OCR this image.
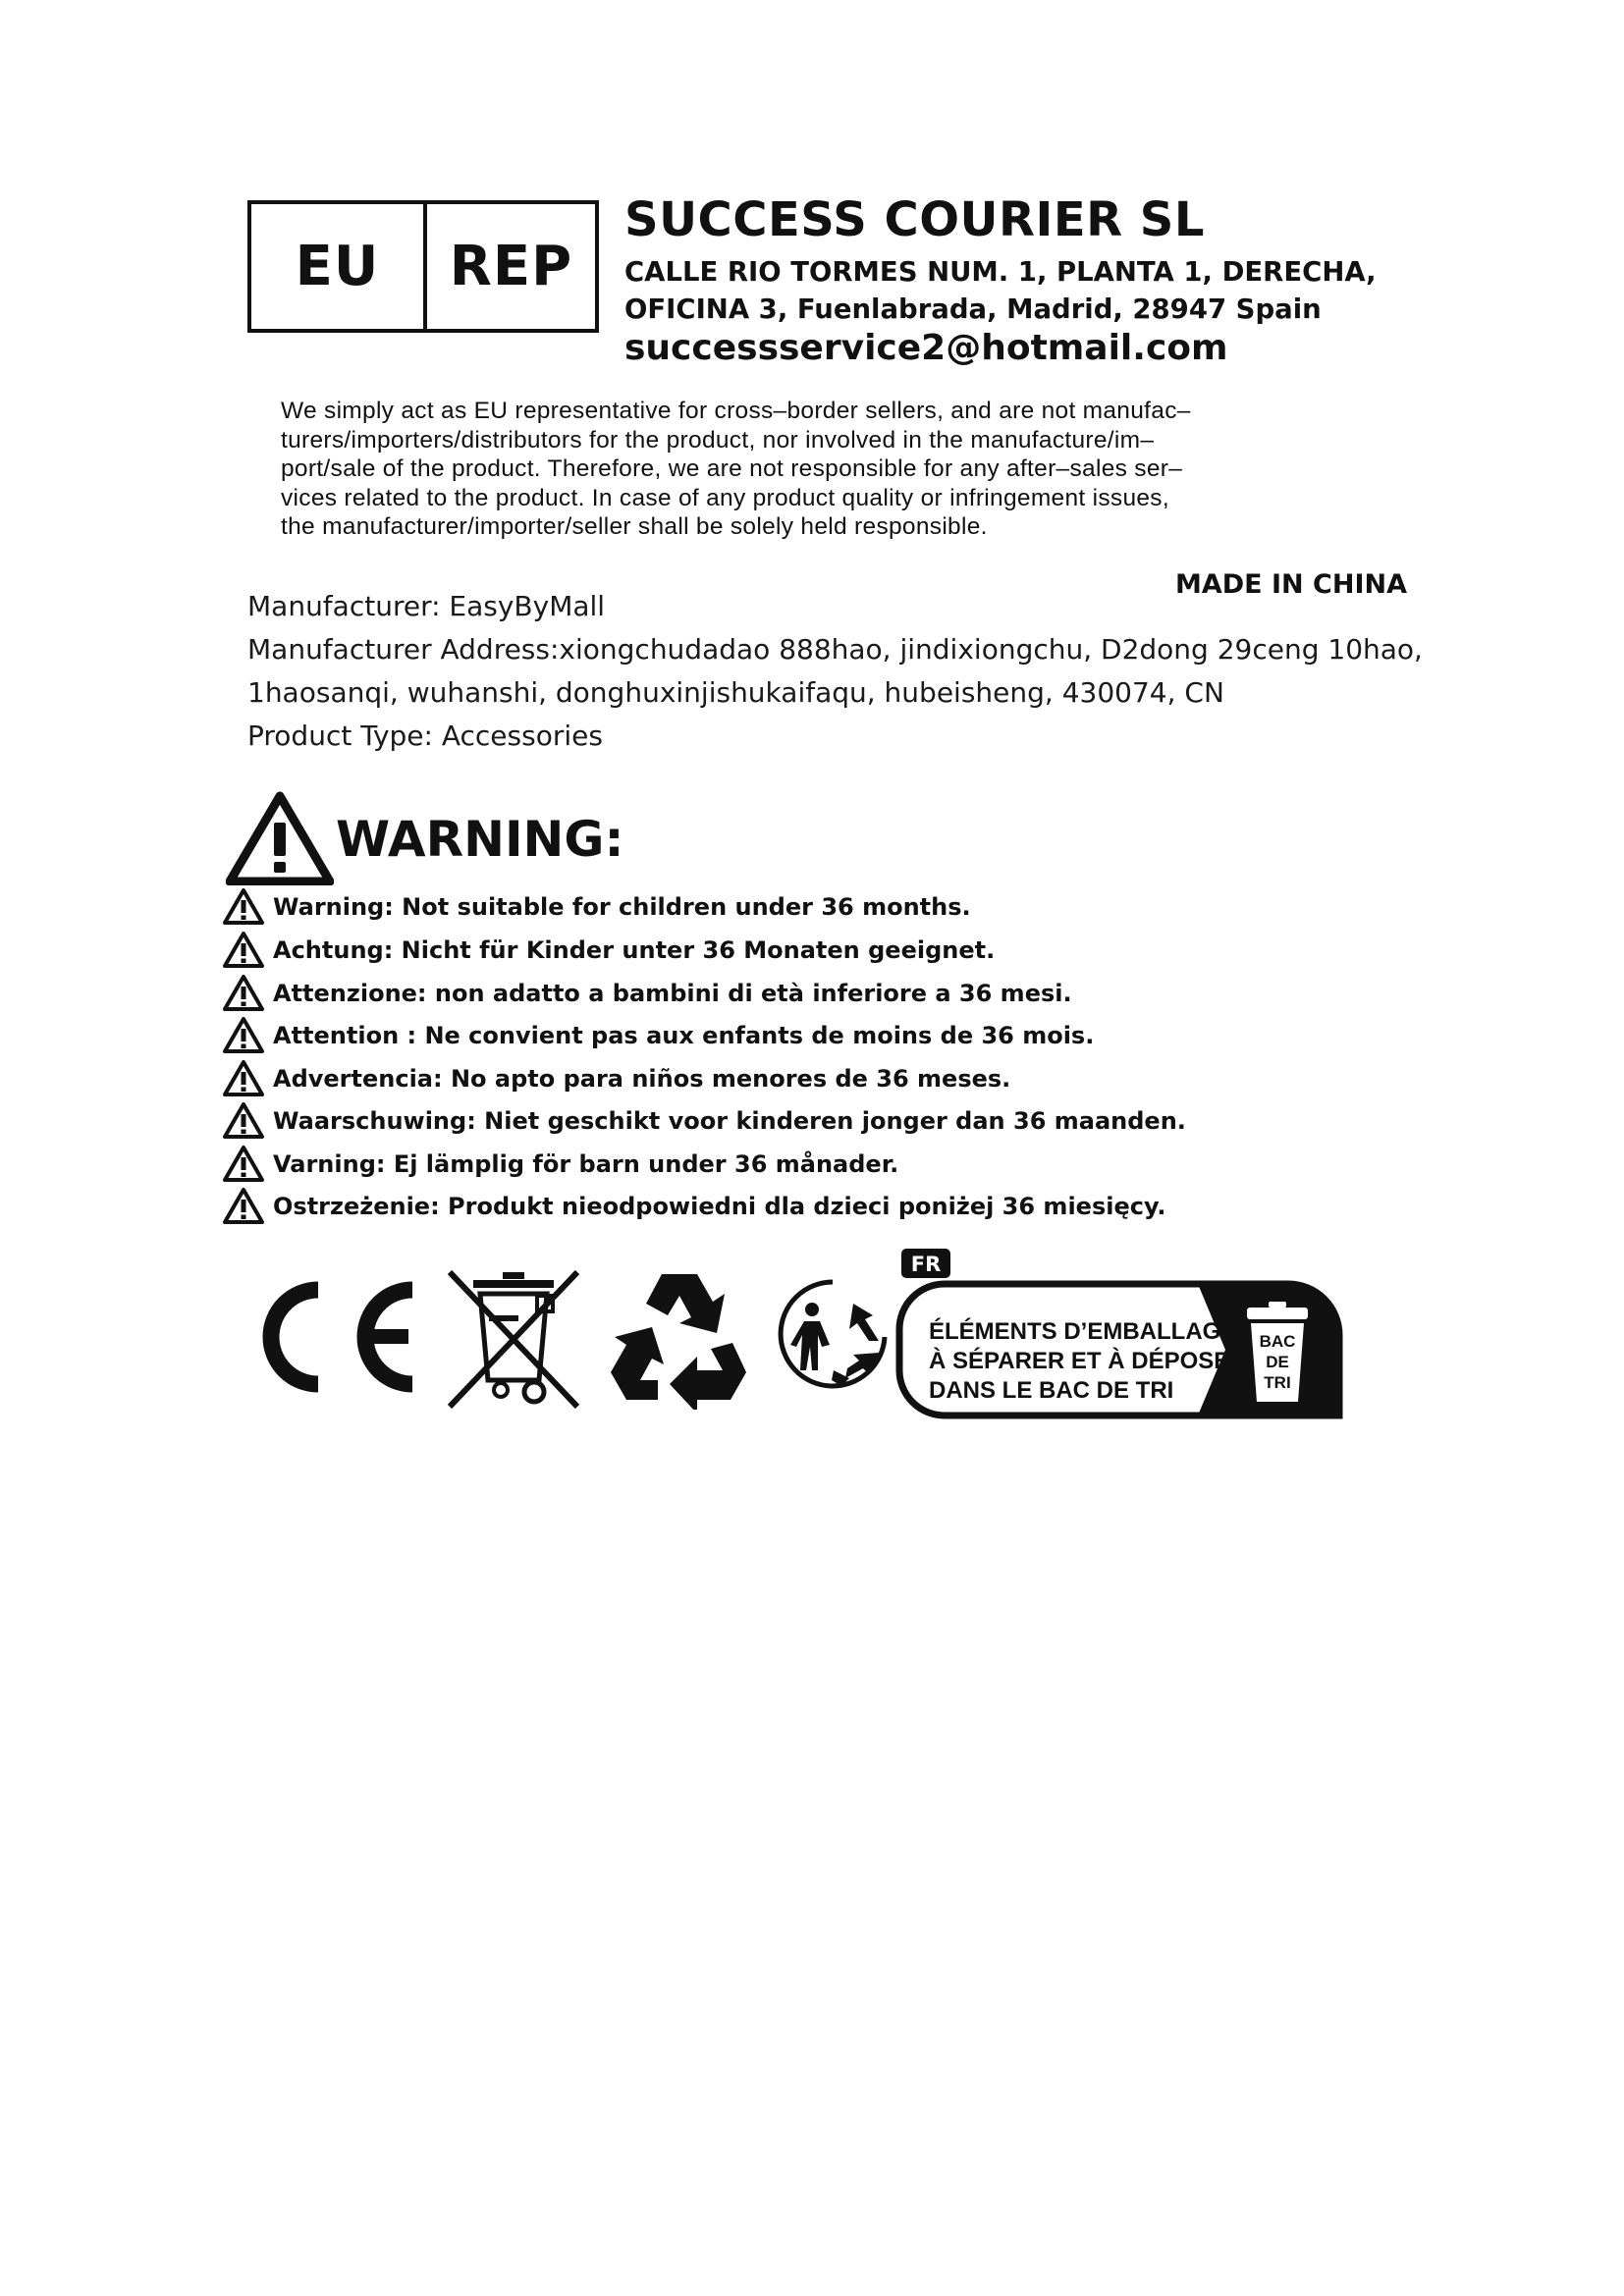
EU	REP
SUCCESS COURIER SL
CALLE RIO TORMES NUM. 1, PLANTA 1, DERECHA,
OFICINA 3, Fuenlabrada, Madrid, 28947 Spain
successservice2@hotmail.com
We simply act as EU representative for cross–border sellers, and are not manufac–
turers/importers/distributors for the product, nor involved in the manufacture/im–
port/sale of the product. Therefore, we are not responsible for any after–sales ser–
vices related to the product. In case of any product quality or infringement issues,
the manufacturer/importer/seller shall be solely held responsible.
MADE IN CHINA
Manufacturer: EasyByMall
Manufacturer Address:xiongchudadao 888hao, jindixiongchu, D2dong 29ceng 10hao,
1haosanqi, wuhanshi, donghuxinjishukaifaqu, hubeisheng, 430074, CN
Product Type: Accessories
WARNING:
Warning: Not suitable for children under 36 months.
Achtung: Nicht für Kinder unter 36 Monaten geeignet.
Attenzione: non adatto a bambini di età inferiore a 36 mesi.
Attention : Ne convient pas aux enfants de moins de 36 mois.
Advertencia: No apto para niños menores de 36 meses.
Waarschuwing: Niet geschikt voor kinderen jonger dan 36 maanden.
Varning: Ej lämplig för barn under 36 månader.
Ostrzeżenie: Produkt nieodpowiedni dla dzieci poniżej 36 miesięcy.
FR
ÉLÉMENTS D’EMBALLAGE
À SÉPARER ET À DÉPOSER
DANS LE BAC DE TRI
BAC
DE
TRI
